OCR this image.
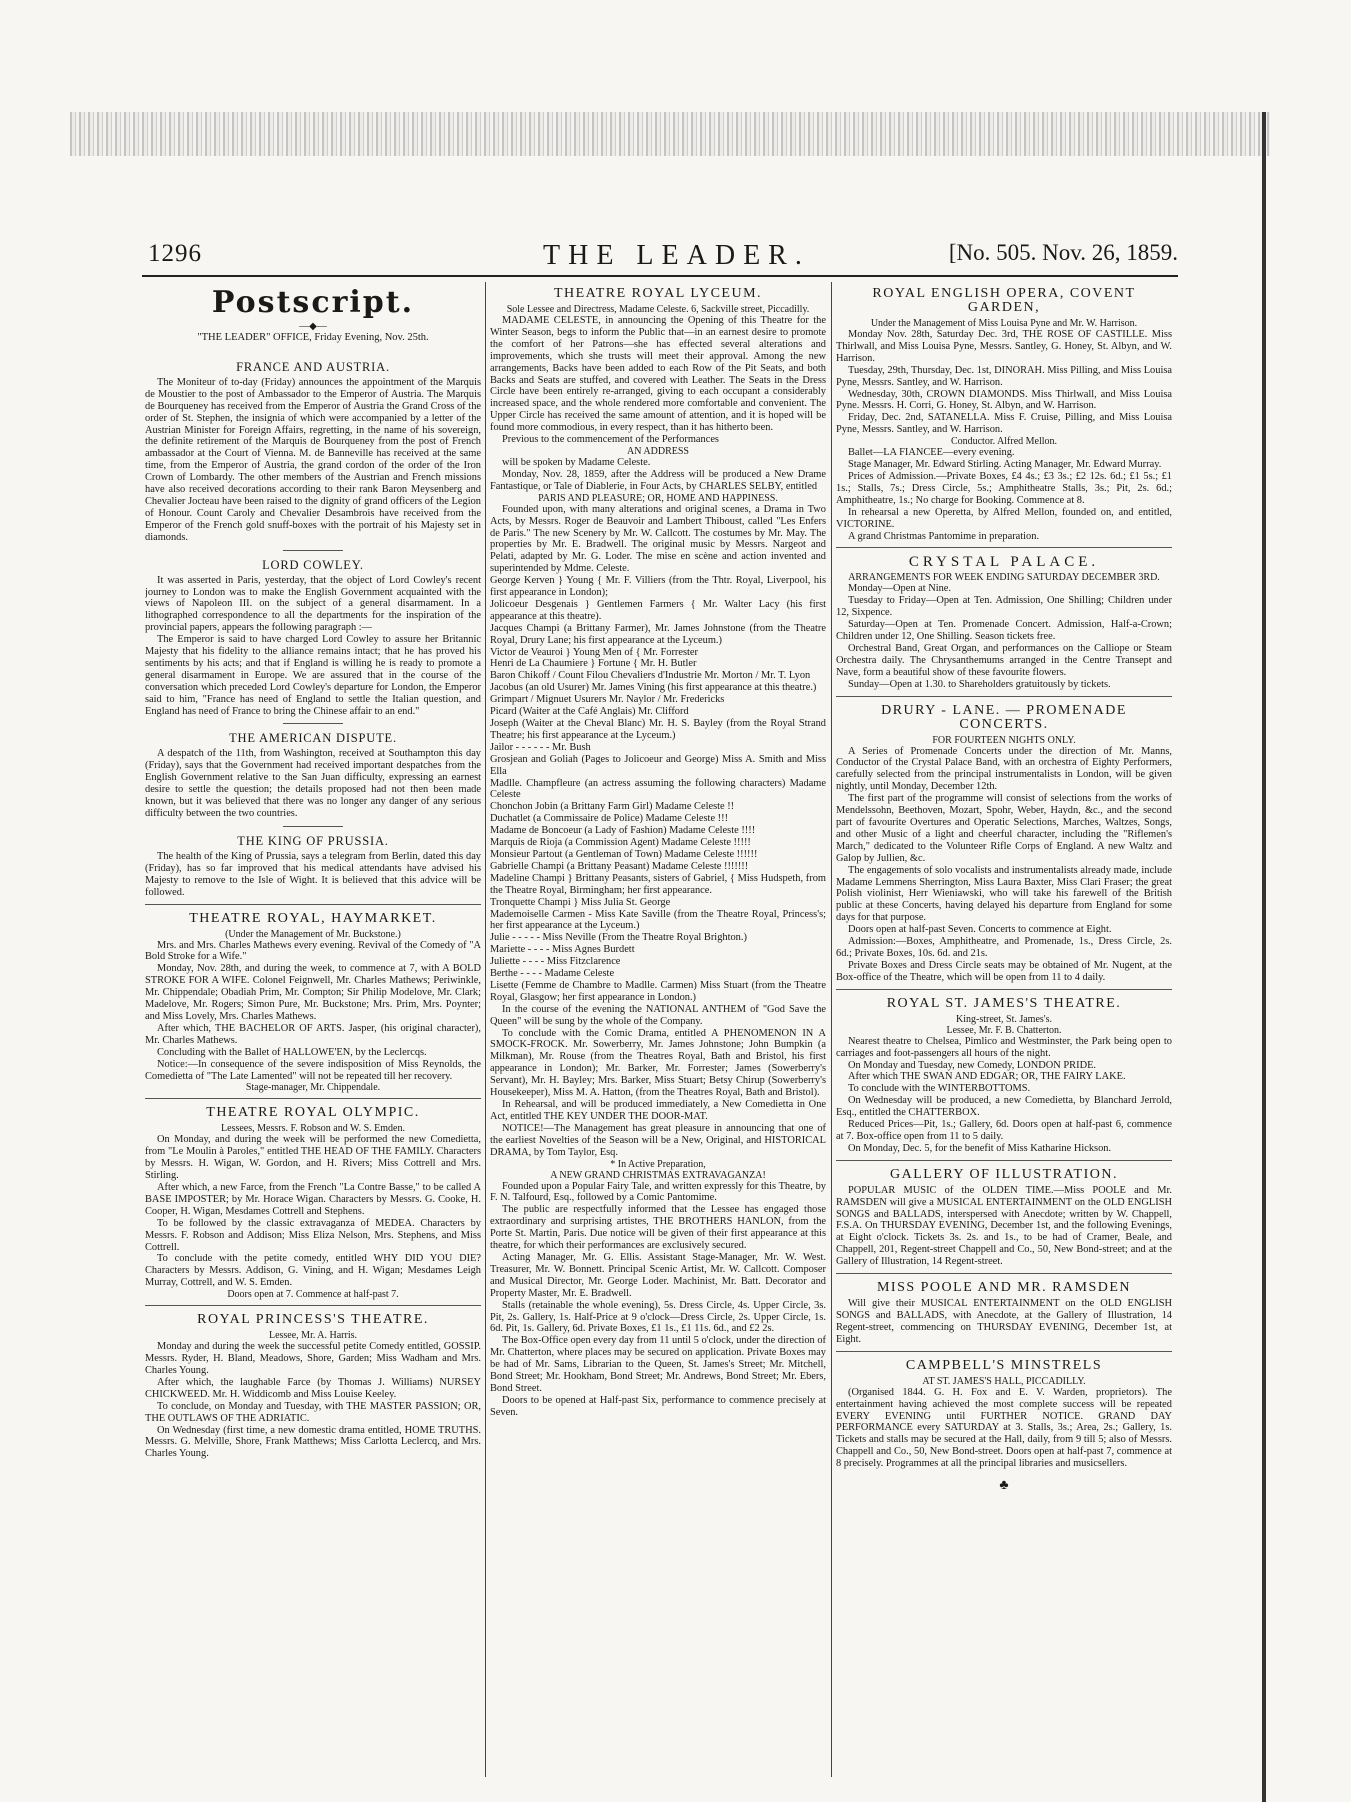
1296	THE LEADER.	[No. 505. Nov. 26, 1859.
Postscript.
—◆—
"THE LEADER" OFFICE, Friday Evening, Nov. 25th.
FRANCE AND AUSTRIA.

The Moniteur of to-day (Friday) announces the appointment of the Marquis de Moustier to the post of Ambassador to the Emperor of Austria. The Marquis de Bourqueney has received from the Emperor of Austria the Grand Cross of the order of St. Stephen, the insignia of which were accompanied by a letter of the Austrian Minister for Foreign Affairs, regretting, in the name of his sovereign, the definite retirement of the Marquis de Bourqueney from the post of French ambassador at the Court of Vienna. M. de Banneville has received at the same time, from the Emperor of Austria, the grand cordon of the order of the Iron Crown of Lombardy. The other members of the Austrian and French missions have also received decorations according to their rank Baron Meysenberg and Chevalier Jocteau have been raised to the dignity of grand officers of the Legion of Honour. Count Caroly and Chevalier Desambrois have received from the Emperor of the French gold snuff-boxes with the portrait of his Majesty set in diamonds.

LORD COWLEY.

It was asserted in Paris, yesterday, that the object of Lord Cowley's recent journey to London was to make the English Government acquainted with the views of Napoleon III. on the subject of a general disarmament. In a lithographed correspondence to all the departments for the inspiration of the provincial papers, appears the following paragraph :—

The Emperor is said to have charged Lord Cowley to assure her Britannic Majesty that his fidelity to the alliance remains intact; that he has proved his sentiments by his acts; and that if England is willing he is ready to promote a general disarmament in Europe. We are assured that in the course of the conversation which preceded Lord Cowley's departure for London, the Emperor said to him, "France has need of England to settle the Italian question, and England has need of France to bring the Chinese affair to an end."

THE AMERICAN DISPUTE.

A despatch of the 11th, from Washington, received at Southampton this day (Friday), says that the Government had received important despatches from the English Government relative to the San Juan difficulty, expressing an earnest desire to settle the question; the details proposed had not then been made known, but it was believed that there was no longer any danger of any serious difficulty between the two countries.

THE KING OF PRUSSIA.

The health of the King of Prussia, says a telegram from Berlin, dated this day (Friday), has so far improved that his medical attendants have advised his Majesty to remove to the Isle of Wight. It is believed that this advice will be followed.

THEATRE ROYAL, HAYMARKET.
(Under the Management of Mr. Buckstone.)

Mrs. and Mrs. Charles Mathews every evening. Revival of the Comedy of "A Bold Stroke for a Wife."

Monday, Nov. 28th, and during the week, to commence at 7, with A BOLD STROKE FOR A WIFE. Colonel Feignwell, Mr. Charles Mathews; Periwinkle, Mr. Chippendale; Obadiah Prim, Mr. Compton; Sir Philip Modelove, Mr. Clark; Madelove, Mr. Rogers; Simon Pure, Mr. Buckstone; Mrs. Prim, Mrs. Poynter; and Miss Lovely, Mrs. Charles Mathews.

After which, THE BACHELOR OF ARTS. Jasper, (his original character), Mr. Charles Mathews.

Concluding with the Ballet of HALLOWE'EN, by the Leclercqs.

Notice:—In consequence of the severe indisposition of Miss Reynolds, the Comedietta of "The Late Lamented" will not be repeated till her recovery.

Stage-manager, Mr. Chippendale.
THEATRE ROYAL OLYMPIC.
Lessees, Messrs. F. Robson and W. S. Emden.

On Monday, and during the week will be performed the new Comedietta, from "Le Moulin à Paroles," entitled THE HEAD OF THE FAMILY. Characters by Messrs. H. Wigan, W. Gordon, and H. Rivers; Miss Cottrell and Mrs. Stirling.

After which, a new Farce, from the French "La Contre Basse," to be called A BASE IMPOSTER; by Mr. Horace Wigan. Characters by Messrs. G. Cooke, H. Cooper, H. Wigan, Mesdames Cottrell and Stephens.

To be followed by the classic extravaganza of MEDEA. Characters by Messrs. F. Robson and Addison; Miss Eliza Nelson, Mrs. Stephens, and Miss Cottrell.

To conclude with the petite comedy, entitled WHY DID YOU DIE? Characters by Messrs. Addison, G. Vining, and H. Wigan; Mesdames Leigh Murray, Cottrell, and W. S. Emden.

Doors open at 7. Commence at half-past 7.
ROYAL PRINCESS'S THEATRE.
Lessee, Mr. A. Harris.

Monday and during the week the successful petite Comedy entitled, GOSSIP. Messrs. Ryder, H. Bland, Meadows, Shore, Garden; Miss Wadham and Mrs. Charles Young.

After which, the laughable Farce (by Thomas J. Williams) NURSEY CHICKWEED. Mr. H. Widdicomb and Miss Louise Keeley.

To conclude, on Monday and Tuesday, with THE MASTER PASSION; OR, THE OUTLAWS OF THE ADRIATIC.

On Wednesday (first time, a new domestic drama entitled, HOME TRUTHS. Messrs. G. Melville, Shore, Frank Matthews; Miss Carlotta Leclercq, and Mrs. Charles Young.

THEATRE ROYAL LYCEUM.
Sole Lessee and Directress, Madame Celeste. 6, Sackville street, Piccadilly.

MADAME CELESTE, in announcing the Opening of this Theatre for the Winter Season, begs to inform the Public that—in an earnest desire to promote the comfort of her Patrons—she has effected several alterations and improvements, which she trusts will meet their approval. Among the new arrangements, Backs have been added to each Row of the Pit Seats, and both Backs and Seats are stuffed, and covered with Leather. The Seats in the Dress Circle have been entirely re-arranged, giving to each occupant a considerably increased space, and the whole rendered more comfortable and convenient. The Upper Circle has received the same amount of attention, and it is hoped will be found more commodious, in every respect, than it has hitherto been.

Previous to the commencement of the Performances

AN ADDRESS

will be spoken by Madame Celeste.

Monday, Nov. 28, 1859, after the Address will be produced a New Drame Fantastique, or Tale of Diablerie, in Four Acts, by CHARLES SELBY, entitled

PARIS AND PLEASURE; OR, HOME AND HAPPINESS.

Founded upon, with many alterations and original scenes, a Drama in Two Acts, by Messrs. Roger de Beauvoir and Lambert Thiboust, called "Les Enfers de Paris." The new Scenery by Mr. W. Callcott. The costumes by Mr. May. The properties by Mr. E. Bradwell. The original music by Messrs. Nargeot and Pelati, adapted by Mr. G. Loder. The mise en scène and action invented and superintended by Mdme. Celeste.

George Kerven } Young { Mr. F. Villiers (from the Thtr. Royal, Liverpool, his first appearance in London);

Jolicoeur Desgenais } Gentlemen Farmers { Mr. Walter Lacy (his first appearance at this theatre).

Jacques Champi (a Brittany Farmer), Mr. James Johnstone (from the Theatre Royal, Drury Lane; his first appearance at the Lyceum.)

Victor de Veauroi } Young Men of { Mr. Forrester

Henri de La Chaumiere } Fortune { Mr. H. Butler

Baron Chikoff / Count Filou Chevaliers d'Industrie Mr. Morton / Mr. T. Lyon

Jacobus (an old Usurer) Mr. James Vining (his first appearance at this theatre.)

Grimpart / Mignuet Usurers Mr. Naylor / Mr. Fredericks

Picard (Waiter at the Café Anglais) Mr. Clifford

Joseph (Waiter at the Cheval Blanc) Mr. H. S. Bayley (from the Royal Strand Theatre; his first appearance at the Lyceum.)

Jailor - - - - - - Mr. Bush

Grosjean and Goliah (Pages to Jolicoeur and George) Miss A. Smith and Miss Ella

Madlle. Champfleure (an actress assuming the following characters) Madame Celeste

Chonchon Jobin (a Brittany Farm Girl) Madame Celeste !!

Duchatlet (a Commissaire de Police) Madame Celeste !!!

Madame de Boncoeur (a Lady of Fashion) Madame Celeste !!!!

Marquis de Rioja (a Commission Agent) Madame Celeste !!!!!

Monsieur Partout (a Gentleman of Town) Madame Celeste !!!!!!

Gabrielle Champi (a Brittany Peasant) Madame Celeste !!!!!!!

Madeline Champi } Brittany Peasants, sisters of Gabriel, { Miss Hudspeth, from the Theatre Royal, Birmingham; her first appearance.

Tronquette Champi } Miss Julia St. George

Mademoiselle Carmen - Miss Kate Saville (from the Theatre Royal, Princess's; her first appearance at the Lyceum.)

Julie - - - - - Miss Neville (From the Theatre Royal Brighton.)

Mariette - - - - Miss Agnes Burdett

Juliette - - - - Miss Fitzclarence

Berthe - - - - Madame Celeste

Lisette (Femme de Chambre to Madlle. Carmen) Miss Stuart (from the Theatre Royal, Glasgow; her first appearance in London.)

In the course of the evening the NATIONAL ANTHEM of "God Save the Queen" will be sung by the whole of the Company.

To conclude with the Comic Drama, entitled A PHENOMENON IN A SMOCK-FROCK. Mr. Sowerberry, Mr. James Johnstone; John Bumpkin (a Milkman), Mr. Rouse (from the Theatres Royal, Bath and Bristol, his first appearance in London); Mr. Barker, Mr. Forrester; James (Sowerberry's Servant), Mr. H. Bayley; Mrs. Barker, Miss Stuart; Betsy Chirup (Sowerberry's Housekeeper), Miss M. A. Hatton, (from the Theatres Royal, Bath and Bristol).

In Rehearsal, and will be produced immediately, a New Comedietta in One Act, entitled THE KEY UNDER THE DOOR-MAT.

NOTICE!—The Management has great pleasure in announcing that one of the earliest Novelties of the Season will be a New, Original, and HISTORICAL DRAMA, by Tom Taylor, Esq.

* In Active Preparation,
A NEW GRAND CHRISTMAS EXTRAVAGANZA!

Founded upon a Popular Fairy Tale, and written expressly for this Theatre, by F. N. Talfourd, Esq., followed by a Comic Pantomime.

The public are respectfully informed that the Lessee has engaged those extraordinary and surprising artistes, THE BROTHERS HANLON, from the Porte St. Martin, Paris. Due notice will be given of their first appearance at this theatre, for which their performances are exclusively secured.

Acting Manager, Mr. G. Ellis. Assistant Stage-Manager, Mr. W. West. Treasurer, Mr. W. Bonnett. Principal Scenic Artist, Mr. W. Callcott. Composer and Musical Director, Mr. George Loder. Machinist, Mr. Batt. Decorator and Property Master, Mr. E. Bradwell.

Stalls (retainable the whole evening), 5s. Dress Circle, 4s. Upper Circle, 3s. Pit, 2s. Gallery, 1s. Half-Price at 9 o'clock—Dress Circle, 2s. Upper Circle, 1s. 6d. Pit, 1s. Gallery, 6d. Private Boxes, £1 1s., £1 11s. 6d., and £2 2s.

The Box-Office open every day from 11 until 5 o'clock, under the direction of Mr. Chatterton, where places may be secured on application. Private Boxes may be had of Mr. Sams, Librarian to the Queen, St. James's Street; Mr. Mitchell, Bond Street; Mr. Hookham, Bond Street; Mr. Andrews, Bond Street; Mr. Ebers, Bond Street.

Doors to be opened at Half-past Six, performance to commence precisely at Seven.

ROYAL ENGLISH OPERA, COVENT GARDEN,
Under the Management of Miss Louisa Pyne and Mr. W. Harrison.

Monday Nov. 28th, Saturday Dec. 3rd, THE ROSE OF CASTILLE. Miss Thirlwall, and Miss Louisa Pyne, Messrs. Santley, G. Honey, St. Albyn, and W. Harrison.

Tuesday, 29th, Thursday, Dec. 1st, DINORAH. Miss Pilling, and Miss Louisa Pyne, Messrs. Santley, and W. Harrison.

Wednesday, 30th, CROWN DIAMONDS. Miss Thirlwall, and Miss Louisa Pyne. Messrs. H. Corri, G. Honey, St. Albyn, and W. Harrison.

Friday, Dec. 2nd, SATANELLA. Miss F. Cruise, Pilling, and Miss Louisa Pyne, Messrs. Santley, and W. Harrison.

Conductor. Alfred Mellon.

Ballet—LA FIANCEE—every evening.

Stage Manager, Mr. Edward Stirling. Acting Manager, Mr. Edward Murray.

Prices of Admission.—Private Boxes, £4 4s.; £3 3s.; £2 12s. 6d.; £1 5s.; £1 1s.; Stalls, 7s.; Dress Circle, 5s.; Amphitheatre Stalls, 3s.; Pit, 2s. 6d.; Amphitheatre, 1s.; No charge for Booking. Commence at 8.

In rehearsal a new Operetta, by Alfred Mellon, founded on, and entitled, VICTORINE.

A grand Christmas Pantomime in preparation.

CRYSTAL PALACE.
ARRANGEMENTS FOR WEEK ENDING SATURDAY DECEMBER 3RD.

Monday—Open at Nine.

Tuesday to Friday—Open at Ten. Admission, One Shilling; Children under 12, Sixpence.

Saturday—Open at Ten. Promenade Concert. Admission, Half-a-Crown; Children under 12, One Shilling. Season tickets free.

Orchestral Band, Great Organ, and performances on the Calliope or Steam Orchestra daily. The Chrysanthemums arranged in the Centre Transept and Nave, form a beautiful show of these favourite flowers.

Sunday—Open at 1.30. to Shareholders gratuitously by tickets.

DRURY - LANE. — PROMENADE CONCERTS.
FOR FOURTEEN NIGHTS ONLY.

A Series of Promenade Concerts under the direction of Mr. Manns, Conductor of the Crystal Palace Band, with an orchestra of Eighty Performers, carefully selected from the principal instrumentalists in London, will be given nightly, until Monday, December 12th.

The first part of the programme will consist of selections from the works of Mendelssohn, Beethoven, Mozart, Spohr, Weber, Haydn, &c., and the second part of favourite Overtures and Operatic Selections, Marches, Waltzes, Songs, and other Music of a light and cheerful character, including the "Riflemen's March," dedicated to the Volunteer Rifle Corps of England. A new Waltz and Galop by Jullien, &c.

The engagements of solo vocalists and instrumentalists already made, include Madame Lemmens Sherrington, Miss Laura Baxter, Miss Clari Fraser; the great Polish violinist, Herr Wieniawski, who will take his farewell of the British public at these Concerts, having delayed his departure from England for some days for that purpose.

Doors open at half-past Seven. Concerts to commence at Eight.

Admission:—Boxes, Amphitheatre, and Promenade, 1s., Dress Circle, 2s. 6d.; Private Boxes, 10s. 6d. and 21s.

Private Boxes and Dress Circle seats may be obtained of Mr. Nugent, at the Box-office of the Theatre, which will be open from 11 to 4 daily.

ROYAL ST. JAMES'S THEATRE.
King-street, St. James's.
Lessee, Mr. F. B. Chatterton.

Nearest theatre to Chelsea, Pimlico and Westminster, the Park being open to carriages and foot-passengers all hours of the night.

On Monday and Tuesday, new Comedy, LONDON PRIDE.

After which THE SWAN AND EDGAR; OR, THE FAIRY LAKE.

To conclude with the WINTERBOTTOMS.

On Wednesday will be produced, a new Comedietta, by Blanchard Jerrold, Esq., entitled the CHATTERBOX.

Reduced Prices—Pit, 1s.; Gallery, 6d. Doors open at half-past 6, commence at 7. Box-office open from 11 to 5 daily.

On Monday, Dec. 5, for the benefit of Miss Katharine Hickson.

GALLERY OF ILLUSTRATION.

POPULAR MUSIC of the OLDEN TIME.—Miss POOLE and Mr. RAMSDEN will give a MUSICAL ENTERTAINMENT on the OLD ENGLISH SONGS and BALLADS, interspersed with Anecdote; written by W. Chappell, F.S.A. On THURSDAY EVENING, December 1st, and the following Evenings, at Eight o'clock. Tickets 3s. 2s. and 1s., to be had of Cramer, Beale, and Chappell, 201, Regent-street Chappell and Co., 50, New Bond-street; and at the Gallery of Illustration, 14 Regent-street.

MISS POOLE AND MR. RAMSDEN

Will give their MUSICAL ENTERTAINMENT on the OLD ENGLISH SONGS and BALLADS, with Anecdote, at the Gallery of Illustration, 14 Regent-street, commencing on THURSDAY EVENING, December 1st, at Eight.

CAMPBELL'S MINSTRELS
AT ST. JAMES'S HALL, PICCADILLY.

(Organised 1844. G. H. Fox and E. V. Warden, proprietors). The entertainment having achieved the most complete success will be repeated EVERY EVENING until FURTHER NOTICE. GRAND DAY PERFORMANCE every SATURDAY at 3. Stalls, 3s.; Area, 2s.; Gallery, 1s. Tickets and stalls may be secured at the Hall, daily, from 9 till 5; also of Messrs. Chappell and Co., 50, New Bond-street. Doors open at half-past 7, commence at 8 precisely. Programmes at all the principal libraries and musicsellers.

♣
